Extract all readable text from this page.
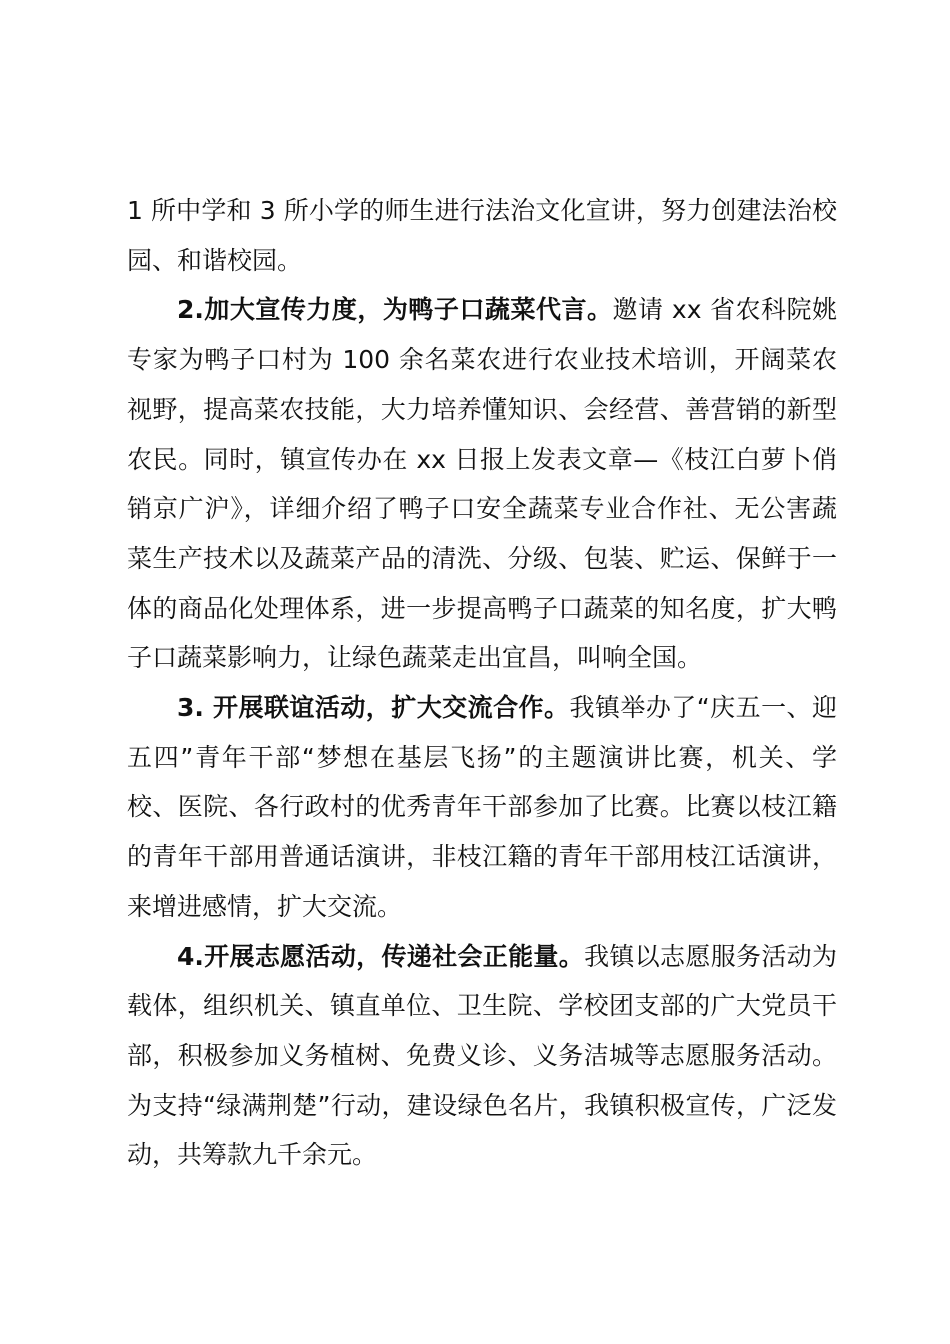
1 所中学和 3 所小学的师生进行法治文化宣讲，努力创建法治校园、和谐校园。

2.加大宣传力度，为鸭子口蔬菜代言。邀请 xx 省农科院姚专家为鸭子口村为 100 余名菜农进行农业技术培训，开阔菜农视野，提高菜农技能，大力培养懂知识、会经营、善营销的新型农民。同时，镇宣传办在 xx 日报上发表文章—《枝江白萝卜俏销京广沪》，详细介绍了鸭子口安全蔬菜专业合作社、无公害蔬菜生产技术以及蔬菜产品的清洗、分级、包装、贮运、保鲜于一体的商品化处理体系，进一步提高鸭子口蔬菜的知名度，扩大鸭子口蔬菜影响力，让绿色蔬菜走出宜昌，叫响全国。

3. 开展联谊活动，扩大交流合作。我镇举办了“庆五一、迎五四”青年干部“梦想在基层飞扬”的主题演讲比赛，机关、学校、医院、各行政村的优秀青年干部参加了比赛。比赛以枝江籍的青年干部用普通话演讲，非枝江籍的青年干部用枝江话演讲，来增进感情，扩大交流。

4.开展志愿活动，传递社会正能量。我镇以志愿服务活动为载体，组织机关、镇直单位、卫生院、学校团支部的广大党员干部，积极参加义务植树、免费义诊、义务洁城等志愿服务活动。为支持“绿满荆楚”行动，建设绿色名片，我镇积极宣传，广泛发动，共筹款九千余元。
